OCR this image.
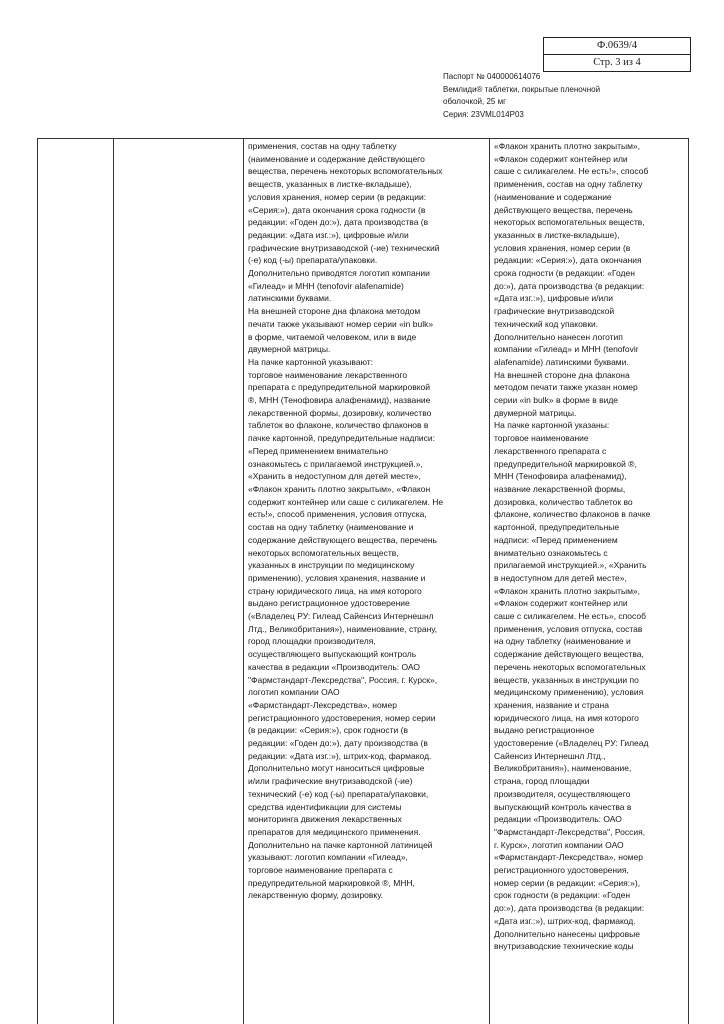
Ф.0639/4
Стр. 3 из 4
Паспорт № 040000614076
Вемлиди® таблетки, покрытые пленочной
оболочкой, 25 мг
Серия: 23VML014P03

применения, состав на одну таблетку

(наименование и содержание действующего

вещества, перечень некоторых вспомогательных

веществ, указанных в листке-вкладыше),

условия хранения, номер серии (в редакции:

«Серия:»), дата окончания срока годности (в

редакции: «Годен до:»), дата производства (в

редакции: «Дата изг.:»), цифровые и/или

графические внутризаводской (-ие) технический

(-е) код (-ы) препарата/упаковки.

Дополнительно приводятся логотип компании

«Гилеад» и МНН (tenofovir alafenamide)

латинскими буквами.

На внешней стороне дна флакона методом

печати также указывают номер серии «in bulk»

в форме, читаемой человеком, или в виде

двумерной матрицы.

На пачке картонной указывают:

торговое наименование лекарственного

препарата с предупредительной маркировкой

®, МНН (Тенофовира алафенамид), название

лекарственной формы, дозировку, количество

таблеток во флаконе, количество флаконов в

пачке картонной, предупредительные надписи:

«Перед применением внимательно

ознакомьтесь с прилагаемой инструкцией.»,

«Хранить в недоступном для детей месте»,

«Флакон хранить плотно закрытым», «Флакон

содержит контейнер или саше с силикагелем. Не

есть!», способ применения, условия отпуска,

состав на одну таблетку (наименование и

содержание действующего вещества, перечень

некоторых вспомогательных веществ,

указанных в инструкции по медицинскому

применению), условия хранения, название и

страну юридического лица, на имя которого

выдано регистрационное удостоверение

(«Владелец РУ: Гилеад Сайенсиз Интернешнл

Лтд., Великобритания»), наименование, страну,

город площадки производителя,

осуществляющего выпускающий контроль

качества в редакции «Производитель: ОАО

"Фармстандарт-Лексредства", Россия, г. Курск»,

логотип компании ОАО

«Фармстандарт-Лексредства», номер

регистрационного удостоверения, номер серии

(в редакции: «Серия:»), срок годности (в

редакции: «Годен до:»), дату производства (в

редакции: «Дата изг.:»), штрих-код, фармакод.

Дополнительно могут наноситься цифровые

и/или графические внутризаводской (-ие)

технический (-е) код (-ы) препарата/упаковки,

средства идентификации для системы

мониторинга движения лекарственных

препаратов для медицинского применения.

Дополнительно на пачке картонной латиницей

указывают: логотип компании «Гилеад»,

торговое наименование препарата с

предупредительной маркировкой ®, МНН,

лекарственную форму, дозировку.

«Флакон хранить плотно закрытым»,

«Флакон содержит контейнер или

саше с силикагелем. Не есть!», способ

применения, состав на одну таблетку

(наименование и содержание

действующего вещества, перечень

некоторых вспомогательных веществ,

указанных в листке-вкладыше),

условия хранения, номер серии (в

редакции: «Серия:»), дата окончания

срока годности (в редакции: «Годен

до:»), дата производства (в редакции:

«Дата изг.:»), цифровые и/или

графические внутризаводской

технический код упаковки.

Дополнительно нанесен логотип

компании «Гилеад» и МНН (tenofovir

alafenamide) латинскими буквами.

На внешней стороне дна флакона

методом печати также указан номер

серии «in bulk» в форме в виде

двумерной матрицы.

На пачке картонной указаны:

торговое наименование

лекарственного препарата с

предупредительной маркировкой ®,

МНН (Тенофовира алафенамид),

название лекарственной формы,

дозировка, количество таблеток во

флаконе, количество флаконов в пачке

картонной, предупредительные

надписи: «Перед применением

внимательно ознакомьтесь с

прилагаемой инструкцией.», «Хранить

в недоступном для детей месте»,

«Флакон хранить плотно закрытым»,

«Флакон содержит контейнер или

саше с силикагелем. Не есть», способ

применения, условия отпуска, состав

на одну таблетку (наименование и

содержание действующего вещества,

перечень некоторых вспомогательных

веществ, указанных в инструкции по

медицинскому применению), условия

хранения, название и страна

юридического лица, на имя которого

выдано регистрационное

удостоверение («Владелец РУ: Гилеад

Сайенсиз Интернешнл Лтд.,

Великобритания»), наименование,

страна, город площадки

производителя, осуществляющего

выпускающий контроль качества в

редакции «Производитель: ОАО

"Фармстандарт-Лексредства", Россия,

г. Курск», логотип компании ОАО

«Фармстандарт-Лексредства», номер

регистрационного удостоверения,

номер серии (в редакции: «Серия:»),

срок годности (в редакции: «Годен

до:»), дата производства (в редакции:

«Дата изг.:»), штрих-код, фармакод.

Дополнительно нанесены цифровые

внутризаводские технические коды
